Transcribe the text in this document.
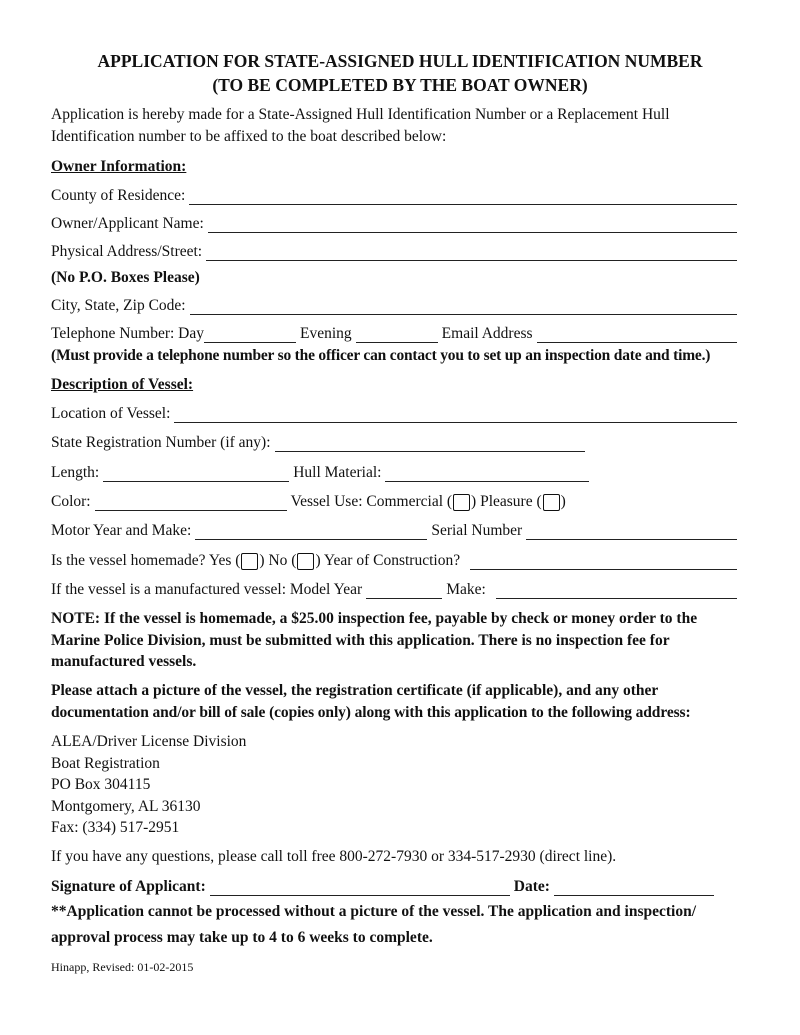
APPLICATION FOR STATE-ASSIGNED HULL IDENTIFICATION NUMBER
(TO BE COMPLETED BY THE BOAT OWNER)
Application is hereby made for a State-Assigned Hull Identification Number or a Replacement Hull
Identification number to be affixed to the boat described below:
Owner Information:
County of Residence:
Owner/Applicant Name:
Physical Address/Street:
(No P.O. Boxes Please)
City, State, Zip Code:
Telephone Number: Day	Evening	Email Address
(Must provide a telephone number so the officer can contact you to set up an inspection date and time.)
Description of Vessel:
Location of Vessel:
State Registration Number (if any):
Length:	Hull Material:
Color:	Vessel Use: Commercial ( ) Pleasure ( )
Motor Year and Make:	Serial Number
Is the vessel homemade? Yes ( ) No ( ) Year of Construction?
If the vessel is a manufactured vessel: Model Year	Make:
NOTE: If the vessel is homemade, a $25.00 inspection fee, payable by check or money order to the
Marine Police Division, must be submitted with this application. There is no inspection fee for
manufactured vessels.
Please attach a picture of the vessel, the registration certificate (if applicable), and any other
documentation and/or bill of sale (copies only) along with this application to the following address:
ALEA/Driver License Division
Boat Registration
PO Box 304115
Montgomery, AL 36130
Fax: (334) 517-2951
If you have any questions, please call toll free 800-272-7930 or 334-517-2930 (direct line).
Signature of Applicant:	Date:
**Application cannot be processed without a picture of the vessel. The application and inspection/
approval process may take up to 4 to 6 weeks to complete.
Hinapp, Revised: 01-02-2015
